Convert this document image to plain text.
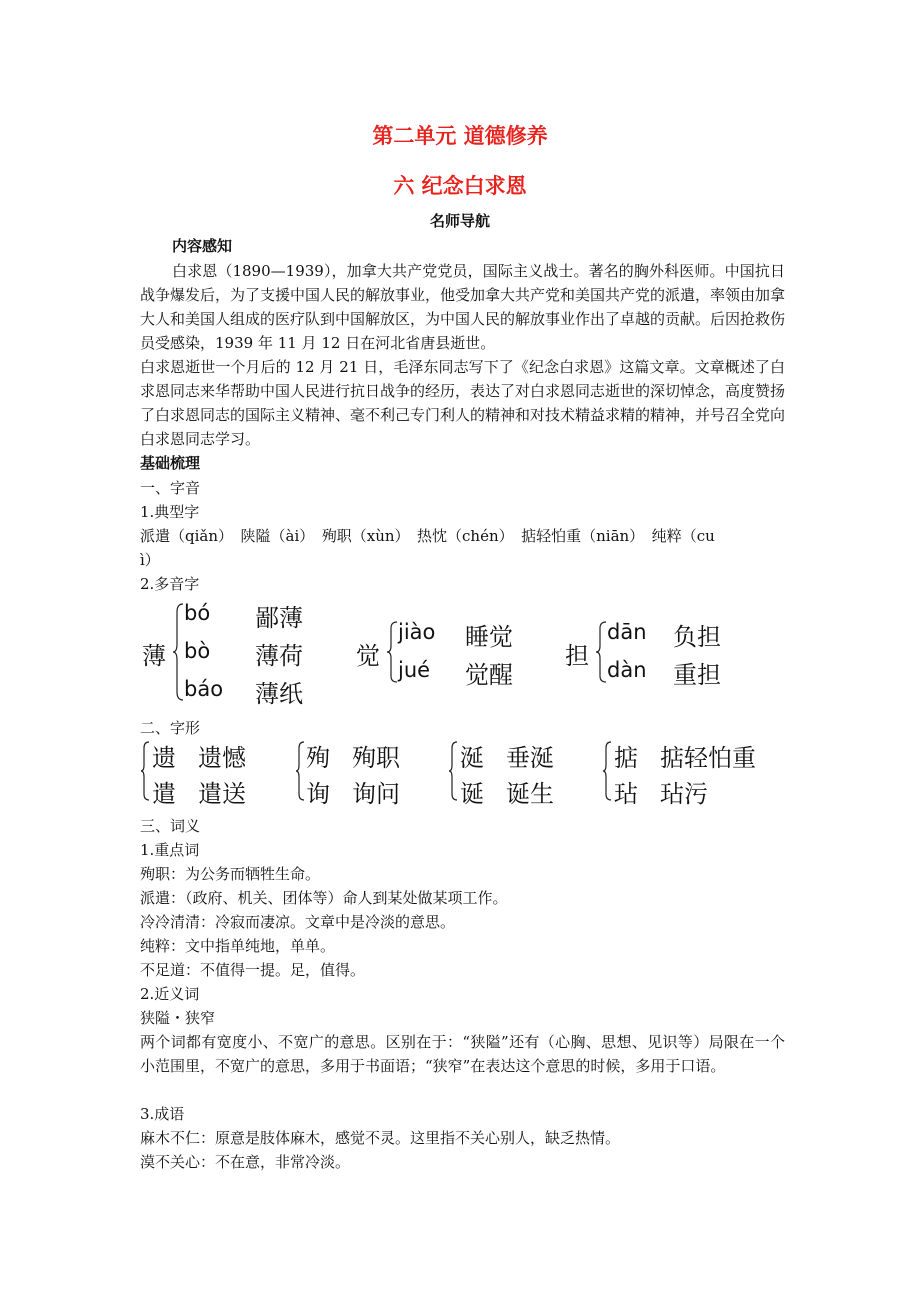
第二单元 道德修养
六 纪念白求恩
名师导航
内容感知
白求恩（1890—1939），加拿大共产党党员，国际主义战士。著名的胸外科医师。中国抗日战争爆发后，为了支援中国人民的解放事业，他受加拿大共产党和美国共产党的派遣，率领由加拿大人和美国人组成的医疗队到中国解放区，为中国人民的解放事业作出了卓越的贡献。后因抢救伤员受感染，1939 年 11 月 12 日在河北省唐县逝世。
白求恩逝世一个月后的 12 月 21 日，毛泽东同志写下了《纪念白求恩》这篇文章。文章概述了白求恩同志来华帮助中国人民进行抗日战争的经历，表达了对白求恩同志逝世的深切悼念，高度赞扬了白求恩同志的国际主义精神、毫不利己专门利人的精神和对技术精益求精的精神，并号召全党向白求恩同志学习。
基础梳理
一、字音
1.典型字
派遣（qiǎn）　陕隘（ài）　殉职（xùn）　热忱（chén）　掂轻怕重（niān）　纯粹（cu
ì）
2.多音字
薄
bó 鄙薄
bò 薄荷
báo 薄纸
觉
jiào 睡觉
jué 觉醒
担
dān 负担
dàn 重担
二、字形
遗 遗憾
遣 遣送
殉 殉职
询 询问
涎 垂涎
诞 诞生
掂 掂轻怕重
玷 玷污
三、词义
1.重点词
殉职：为公务而牺牲生命。
派遣：（政府、机关、团体等）命人到某处做某项工作。
冷冷清清：冷寂而凄凉。文章中是冷淡的意思。
纯粹：文中指单纯地，单单。
不足道：不值得一提。足，值得。
2.近义词
狭隘・狭窄
两个词都有宽度小、不宽广的意思。区别在于：“狭隘”还有（心胸、思想、见识等）局限在一个小范围里，不宽广的意思，多用于书面语；“狭窄”在表达这个意思的时候，多用于口语。
3.成语
麻木不仁：原意是肢体麻木，感觉不灵。这里指不关心别人，缺乏热情。
漠不关心：不在意，非常冷淡。
